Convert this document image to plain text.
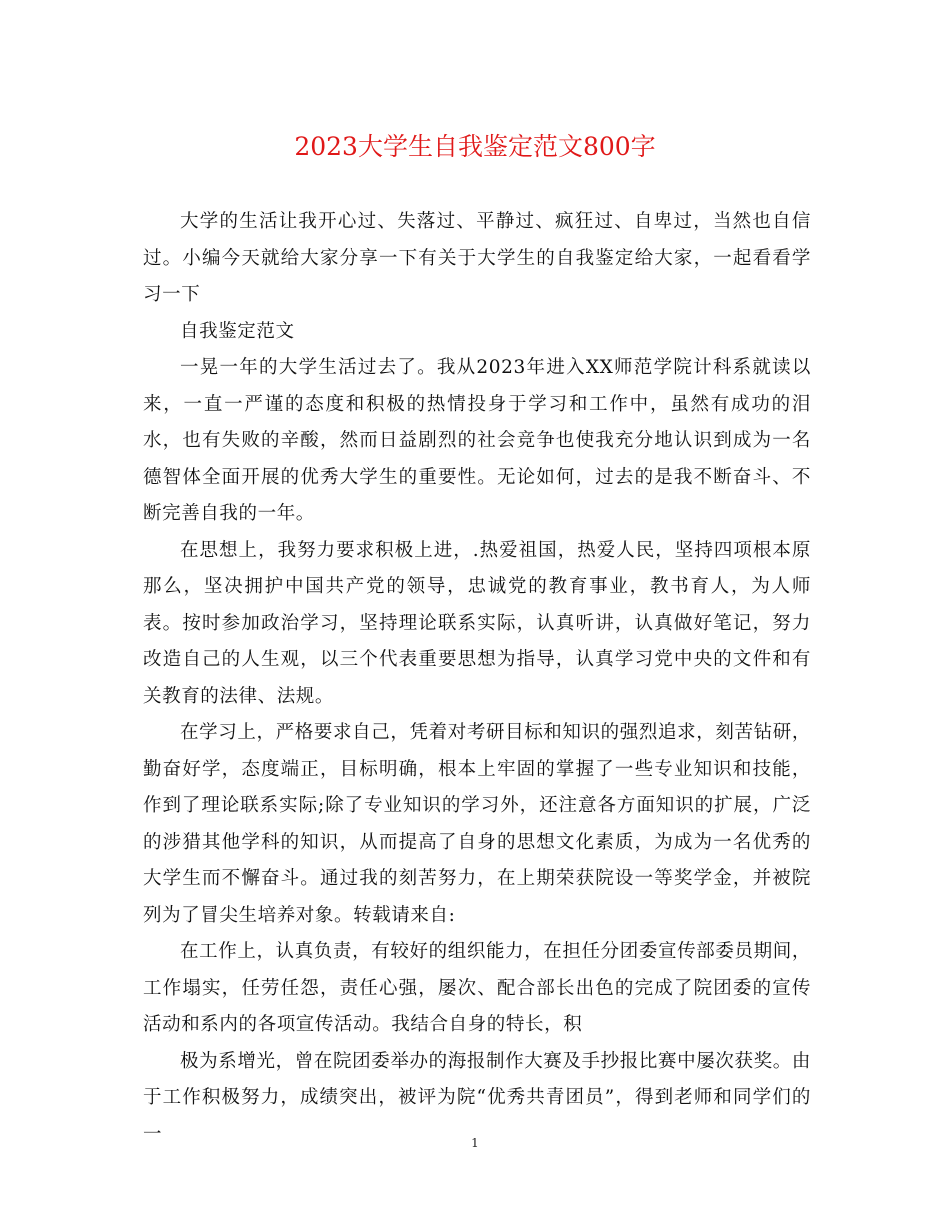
2023大学生自我鉴定范文800字

大学的生活让我开心过、失落过、平静过、疯狂过、自卑过，当然也自信过。小编今天就给大家分享一下有关于大学生的自我鉴定给大家，一起看看学习一下

自我鉴定范文

一晃一年的大学生活过去了。我从2023年进入XX师范学院计科系就读以来，一直一严谨的态度和积极的热情投身于学习和工作中，虽然有成功的泪水，也有失败的辛酸，然而日益剧烈的社会竞争也使我充分地认识到成为一名德智体全面开展的优秀大学生的重要性。无论如何，过去的是我不断奋斗、不断完善自我的一年。

在思想上，我努力要求积极上进，.热爱祖国，热爱人民，坚持四项根本原那么，坚决拥护中国共产党的领导，忠诚党的教育事业，教书育人，为人师表。按时参加政治学习，坚持理论联系实际，认真听讲，认真做好笔记，努力改造自己的人生观，以三个代表重要思想为指导，认真学习党中央的文件和有关教育的法律、法规。

在学习上，严格要求自己，凭着对考研目标和知识的强烈追求，刻苦钻研，勤奋好学，态度端正，目标明确，根本上牢固的掌握了一些专业知识和技能，作到了理论联系实际;除了专业知识的学习外，还注意各方面知识的扩展，广泛的涉猎其他学科的知识，从而提高了自身的思想文化素质，为成为一名优秀的大学生而不懈奋斗。通过我的刻苦努力，在上期荣获院设一等奖学金，并被院列为了冒尖生培养对象。转载请来自:

在工作上，认真负责，有较好的组织能力，在担任分团委宣传部委员期间，工作塌实，任劳任怨，责任心强，屡次、配合部长出色的完成了院团委的宣传活动和系内的各项宣传活动。我结合自身的特长，积

极为系增光，曾在院团委举办的海报制作大赛及手抄报比赛中屡次获奖。由于工作积极努力，成绩突出，被评为院“优秀共青团员”，得到老师和同学们的一	1
